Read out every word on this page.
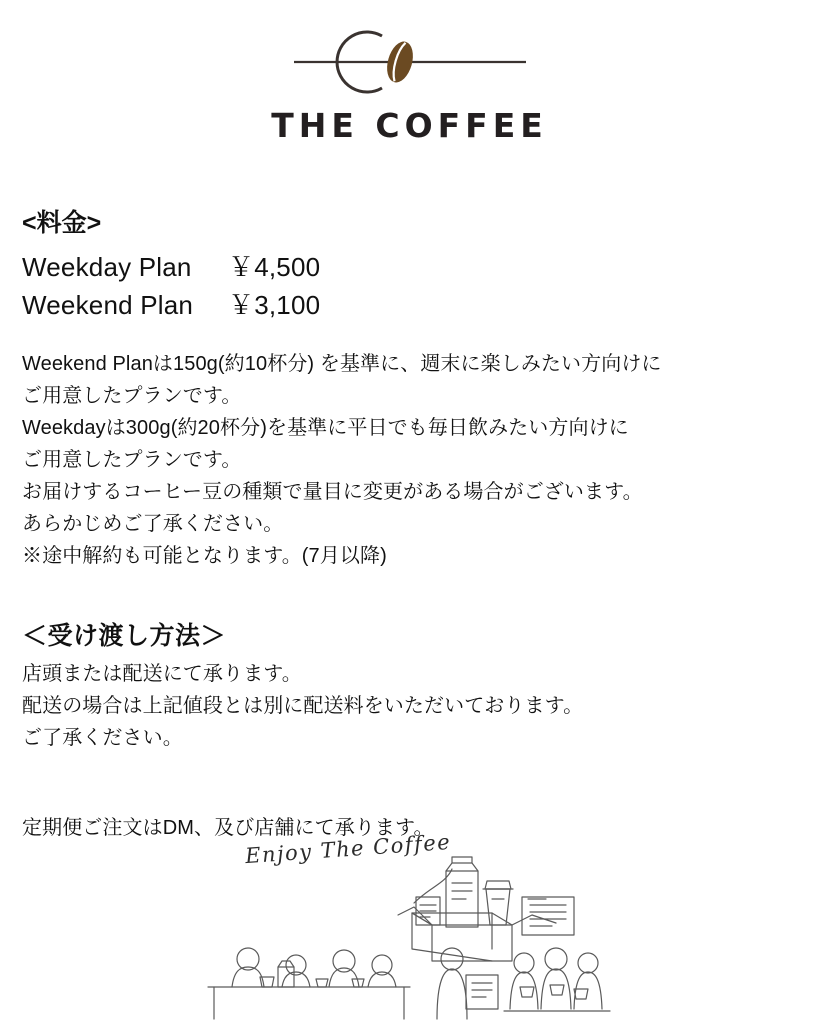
THE COFFEE

<料金>

Weekday Plan ￥4,500

Weekend Plan ￥3,100

Weekend Planは150g(約10杯分) を基準に、週末に楽しみたい方向けに

ご用意したプランです。

Weekdayは300g(約20杯分)を基準に平日でも毎日飲みたい方向けに

ご用意したプランです。

お届けするコーヒー豆の種類で量目に変更がある場合がございます。

あらかじめご了承ください。

※途中解約も可能となります。(7月以降)

＜受け渡し方法＞

店頭または配送にて承ります。

配送の場合は上記値段とは別に配送料をいただいております。

ご了承ください。

定期便ご注文はDM、及び店舗にて承ります。

Enjoy The Coffee
